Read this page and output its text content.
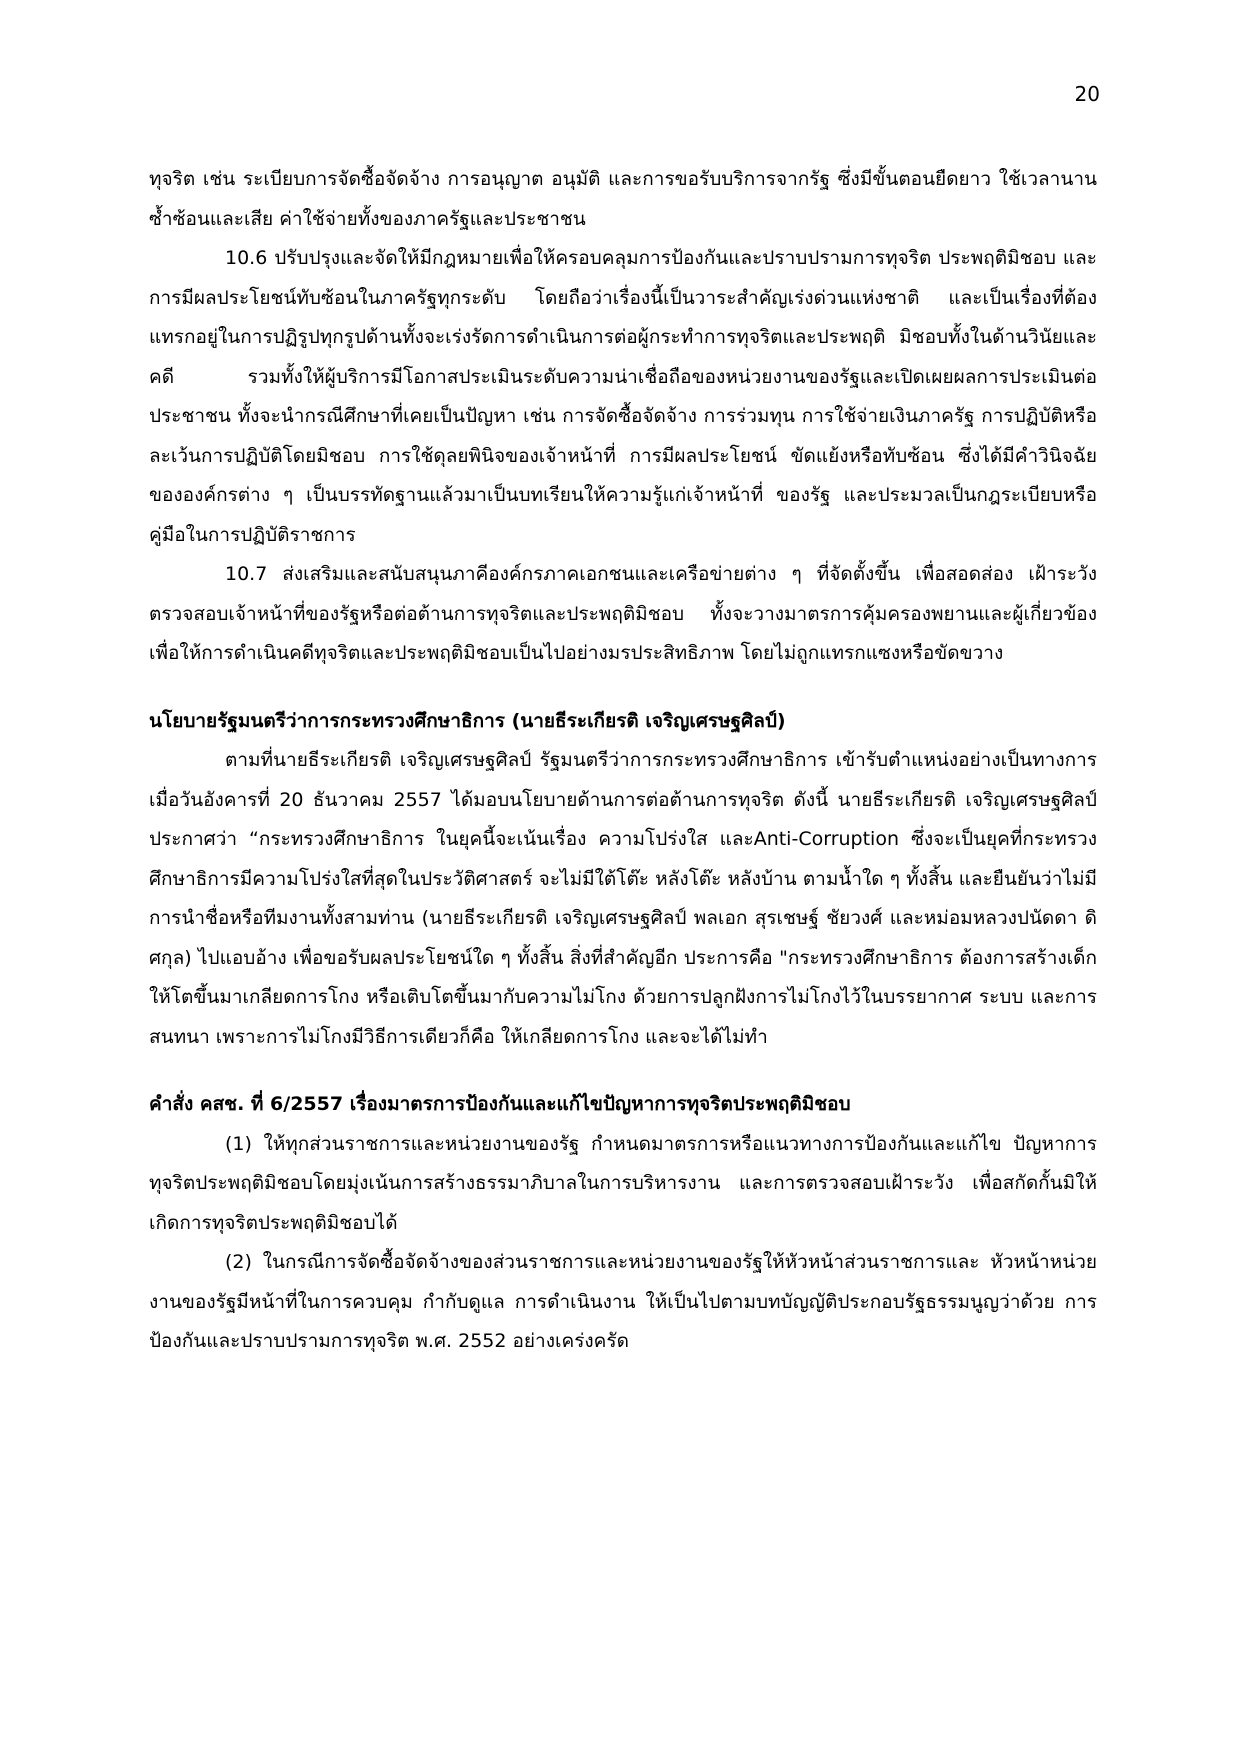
20

ทุจริต เช่น ระเบียบการจัดซื้อจัดจ้าง การอนุญาต อนุมัติ และการขอรับบริการจากรัฐ ซึ่งมีขั้นตอนยืดยาว ใช้เวลานาน ซ้ำซ้อนและเสีย ค่าใช้จ่ายทั้งของภาครัฐและประชาชน

10.6 ปรับปรุงและจัดให้มีกฎหมายเพื่อให้ครอบคลุมการป้องกันและปราบปรามการทุจริต ประพฤติมิชอบ และการมีผลประโยชน์ทับซ้อนในภาครัฐทุกระดับ โดยถือว่าเรื่องนี้เป็นวาระสำคัญเร่งด่วนแห่งชาติ และเป็นเรื่องที่ต้องแทรกอยู่ในการปฏิรูปทุกรูปด้านทั้งจะเร่งรัดการดำเนินการต่อผู้กระทำการทุจริตและประพฤติ มิชอบทั้งในด้านวินัยและคดี รวมทั้งให้ผู้บริการมีโอกาสประเมินระดับความน่าเชื่อถือของหน่วยงานของรัฐและเปิดเผยผลการประเมินต่อ ประชาชน ทั้งจะนำกรณีศึกษาที่เคยเป็นปัญหา เช่น การจัดซื้อจัดจ้าง การร่วมทุน การใช้จ่ายเงินภาครัฐ การปฏิบัติหรือละเว้นการปฏิบัติโดยมิชอบ การใช้ดุลยพินิจของเจ้าหน้าที่ การมีผลประโยชน์ ขัดแย้งหรือทับซ้อน ซึ่งได้มีคำวินิจฉัย ขององค์กรต่าง ๆ เป็นบรรทัดฐานแล้วมาเป็นบทเรียนให้ความรู้แก่เจ้าหน้าที่ ของรัฐ และประมวลเป็นกฎระเบียบหรือ คู่มือในการปฏิบัติราชการ

10.7 ส่งเสริมและสนับสนุนภาคีองค์กรภาคเอกชนและเครือข่ายต่าง ๆ ที่จัดตั้งขึ้น เพื่อสอดส่อง เฝ้าระวัง ตรวจสอบเจ้าหน้าที่ของรัฐหรือต่อต้านการทุจริตและประพฤติมิชอบ ทั้งจะวางมาตรการคุ้มครองพยานและผู้เกี่ยวข้อง เพื่อให้การดำเนินคดีทุจริตและประพฤติมิชอบเป็นไปอย่างมรประสิทธิภาพ โดยไม่ถูกแทรกแซงหรือขัดขวาง

นโยบายรัฐมนตรีว่าการกระทรวงศึกษาธิการ (นายธีระเกียรติ เจริญเศรษฐศิลป์)

ตามที่นายธีระเกียรติ เจริญเศรษฐศิลป์ รัฐมนตรีว่าการกระทรวงศึกษาธิการ เข้ารับตำแหน่งอย่างเป็นทางการ เมื่อวันอังคารที่ 20 ธันวาคม 2557 ได้มอบนโยบายด้านการต่อต้านการทุจริต ดังนี้ นายธีระเกียรติ เจริญเศรษฐศิลป์ ประกาศว่า “กระทรวงศึกษาธิการ ในยุคนี้จะเน้นเรื่อง ความโปร่งใส และAnti-Corruption ซึ่งจะเป็นยุคที่กระทรวงศึกษาธิการมีความโปร่งใสที่สุดในประวัติศาสตร์ จะไม่มีใต้โต๊ะ หลังโต๊ะ หลังบ้าน ตามน้ำใด ๆ ทั้งสิ้น และยืนยันว่าไม่มีการนำชื่อหรือทีมงานทั้งสามท่าน (นายธีระเกียรติ เจริญเศรษฐศิลป์ พลเอก สุรเชษฐ์ ชัยวงศ์ และหม่อมหลวงปนัดดา ดิศกุล) ไปแอบอ้าง เพื่อขอรับผลประโยชน์ใด ๆ ทั้งสิ้น สิ่งที่สำคัญอีก ประการคือ "กระทรวงศึกษาธิการ ต้องการสร้างเด็ก ให้โตขึ้นมาเกลียดการโกง หรือเติบโตขึ้นมากับความไม่โกง ด้วยการปลูกฝังการไม่โกงไว้ในบรรยากาศ ระบบ และการสนทนา เพราะการไม่โกงมีวิธีการเดียวก็คือ ให้เกลียดการโกง และจะได้ไม่ทำ

คำสั่ง คสช. ที่ 6/2557 เรื่องมาตรการป้องกันและแก้ไขปัญหาการทุจริตประพฤติมิชอบ

(1) ให้ทุกส่วนราชการและหน่วยงานของรัฐ กำหนดมาตรการหรือแนวทางการป้องกันและแก้ไข ปัญหาการทุจริตประพฤติมิชอบโดยมุ่งเน้นการสร้างธรรมาภิบาลในการบริหารงาน และการตรวจสอบเฝ้าระวัง เพื่อสกัดกั้นมิให้เกิดการทุจริตประพฤติมิชอบได้

(2) ในกรณีการจัดซื้อจัดจ้างของส่วนราชการและหน่วยงานของรัฐให้หัวหน้าส่วนราชการและ หัวหน้าหน่วยงานของรัฐมีหน้าที่ในการควบคุม กำกับดูแล การดำเนินงาน ให้เป็นไปตามบทบัญญัติประกอบรัฐธรรมนูญว่าด้วย การป้องกันและปราบปรามการทุจริต พ.ศ. 2552 อย่างเคร่งครัด
